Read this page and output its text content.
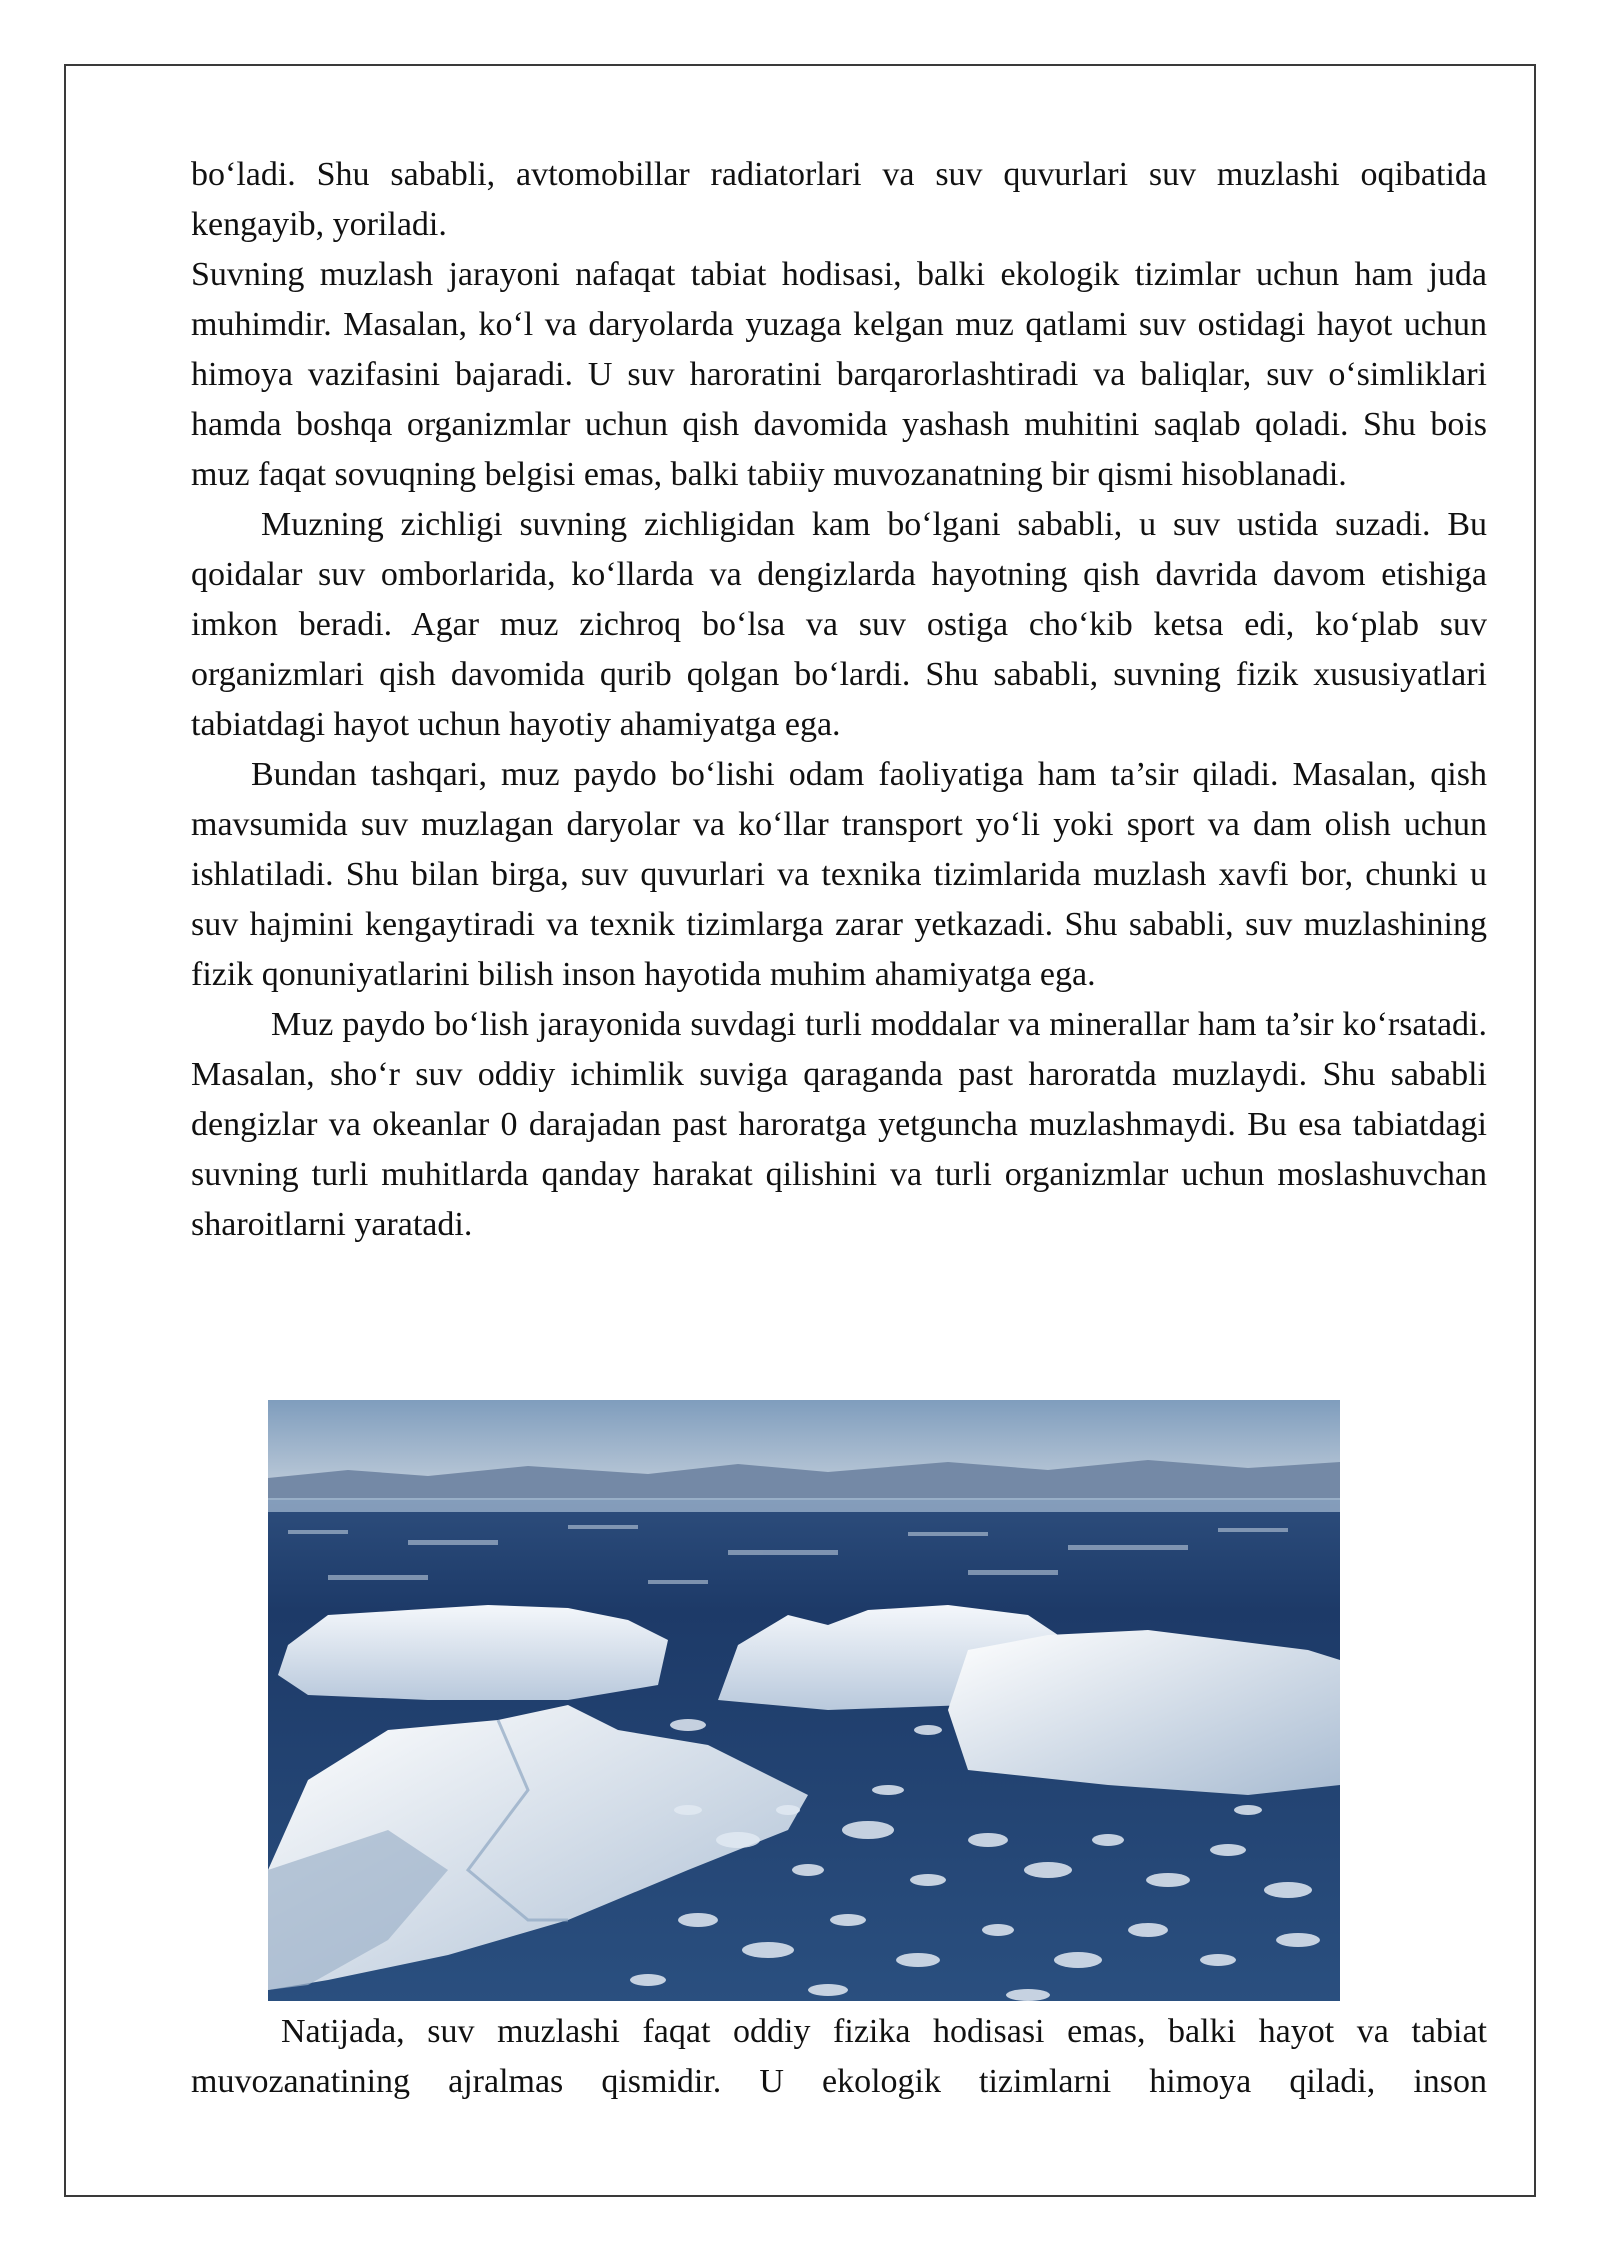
bo‘ladi. Shu sababli, avtomobillar radiatorlari va suv quvurlari suv muzlashi oqibatida kengayib, yoriladi.

Suvning muzlash jarayoni nafaqat tabiat hodisasi, balki ekologik tizimlar uchun ham juda muhimdir. Masalan, ko‘l va daryolarda yuzaga kelgan muz qatlami suv ostidagi hayot uchun himoya vazifasini bajaradi. U suv haroratini barqarorlashtiradi va baliqlar, suv o‘simliklari hamda boshqa organizmlar uchun qish davomida yashash muhitini saqlab qoladi. Shu bois muz faqat sovuqning belgisi emas, balki tabiiy muvozanatning bir qismi hisoblanadi.

Muzning zichligi suvning zichligidan kam bo‘lgani sababli, u suv ustida suzadi. Bu qoidalar suv omborlarida, ko‘llarda va dengizlarda hayotning qish davrida davom etishiga imkon beradi. Agar muz zichroq bo‘lsa va suv ostiga cho‘kib ketsa edi, ko‘plab suv organizmlari qish davomida qurib qolgan bo‘lardi. Shu sababli, suvning fizik xususiyatlari tabiatdagi hayot uchun hayotiy ahamiyatga ega.

Bundan tashqari, muz paydo bo‘lishi odam faoliyatiga ham ta’sir qiladi. Masalan, qish mavsumida suv muzlagan daryolar va ko‘llar transport yo‘li yoki sport va dam olish uchun ishlatiladi. Shu bilan birga, suv quvurlari va texnika tizimlarida muzlash xavfi bor, chunki u suv hajmini kengaytiradi va texnik tizimlarga zarar yetkazadi. Shu sababli, suv muzlashining fizik qonuniyatlarini bilish inson hayotida muhim ahamiyatga ega.

Muz paydo bo‘lish jarayonida suvdagi turli moddalar va minerallar ham ta’sir ko‘rsatadi. Masalan, sho‘r suv oddiy ichimlik suviga qaraganda past haroratda muzlaydi. Shu sababli dengizlar va okeanlar 0 darajadan past haroratga yetguncha muzlashmaydi. Bu esa tabiatdagi suvning turli muhitlarda qanday harakat qilishini va turli organizmlar uchun moslashuvchan sharoitlarni yaratadi.

Natijada, suv muzlashi faqat oddiy fizika hodisasi emas, balki hayot va tabiat muvozanatining ajralmas qismidir. U ekologik tizimlarni himoya qiladi, inson
